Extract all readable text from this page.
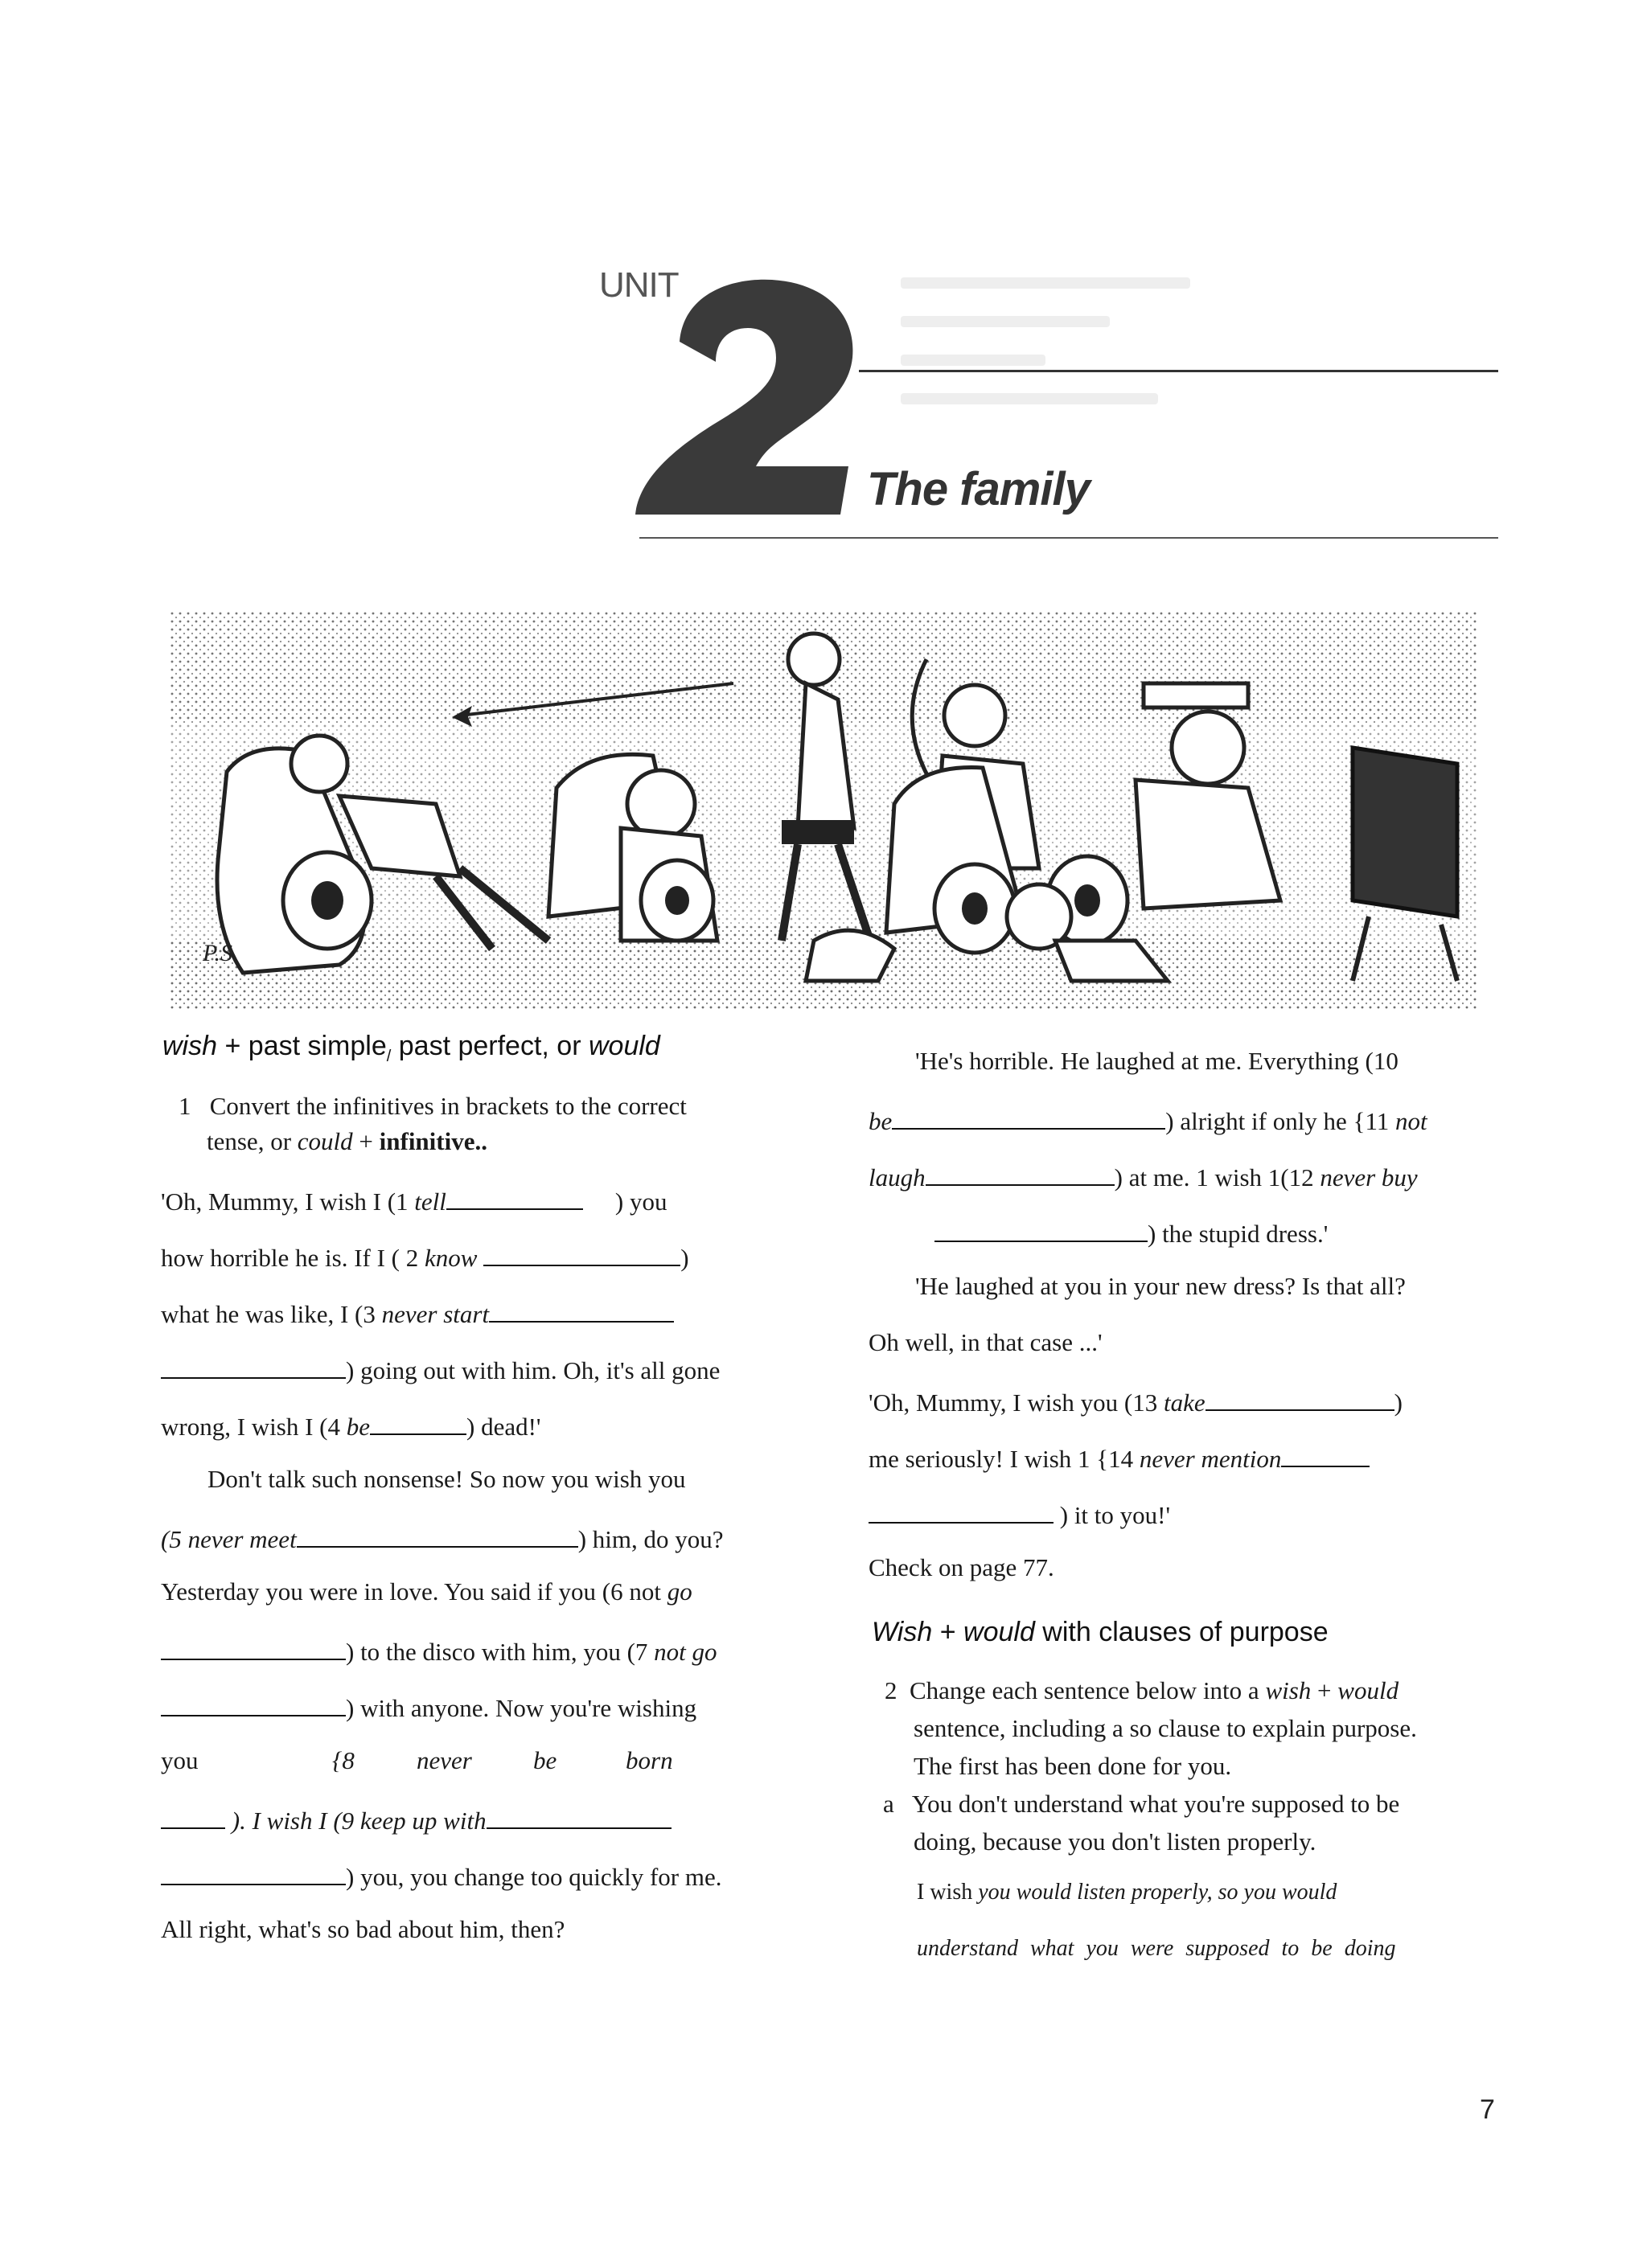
UNIT
The family
P.S.
wish + past simple$_/$ past perfect, or would
1 Convert the infinitives in brackets to the correct
tense, or could + infinitive..
'Oh, Mummy, I wish I (1 tell	) you
how horrible he is. If I ( 2 know	)
what he was like, I (3 never start
) going out with him. Oh, it's all gone
wrong, I wish I (4 be	) dead!'
Don't talk such nonsense! So now you wish you
(5 never meet	) him, do you?
Yesterday you were in love. You said if you (6 not go
) to the disco with him, you (7 not go
) with anyone. Now you're wishing
you	{8 never be	born
). I wish I (9 keep up with
) you, you change too quickly for me.
All right, what's so bad about him, then?
'He's horrible. He laughed at me. Everything (10
be	) alright if only he {11 not
laugh	) at me. 1 wish 1(12 never buy
) the stupid dress.'
'He laughed at you in your new dress? Is that all?
Oh well, in that case ...'
'Oh, Mummy, I wish you (13 take	)
me seriously! I wish 1 {14 never mention
) it to you!'
Check on page 77.
Wish + would with clauses of purpose
2 Change each sentence below into a wish + would
sentence, including a so clause to explain purpose.
The first has been done for you.
a You don't understand what you're supposed to be
doing, because you don't listen properly.
I wish you would listen properly, so you would
understand what you were supposed to be doing
7
